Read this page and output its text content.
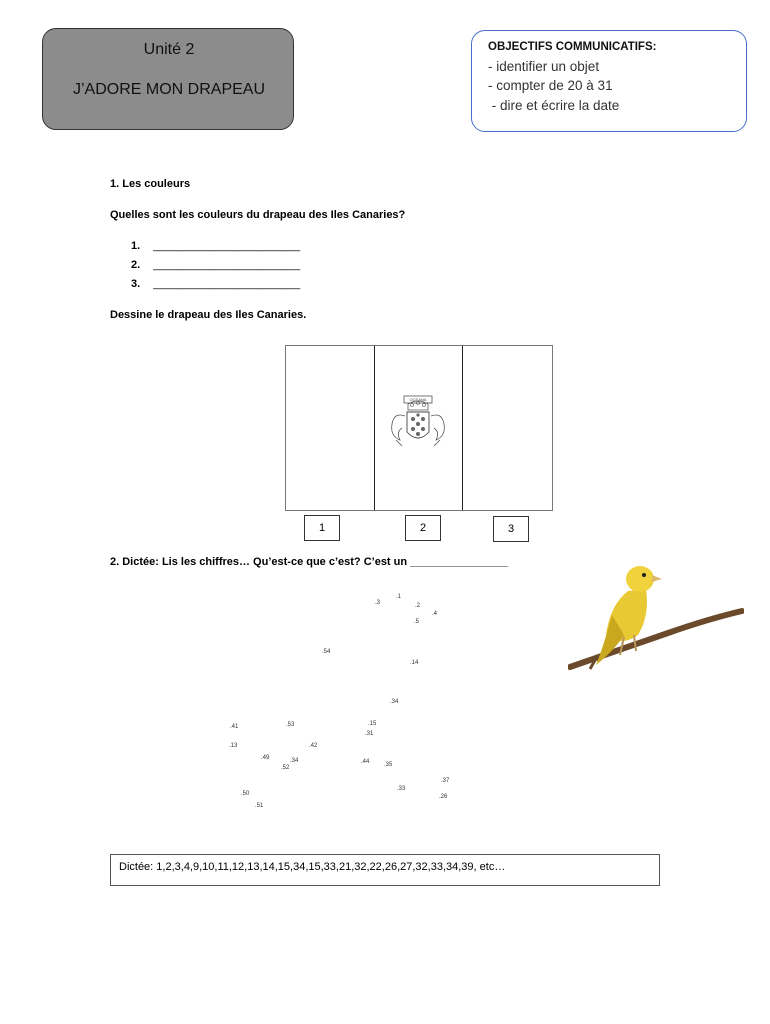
Unité 2
J’ADORE MON DRAPEAU
OBJECTIFS COMMUNICATIFS:
- identifier un objet
- compter de 20 à 31
- dire et écrire la date
1. Les couleurs
Quelles sont les couleurs du drapeau des Iles Canaries?
1. ________________________
2. ________________________
3. ________________________
Dessine le drapeau des Iles Canaries.
OCEANA
1	2	3
2. Dictée: Lis les chiffres… Qu’est-ce que c’est? C’est un ________________
.1
.2
.3
.4
.5
.54
.14
.34
.41	.53	.15
.31
.13	.42
.49	.34
.52
.44 .35
.50
.33
.37
.51
.26
Dictée: 1,2,3,4,9,10,11,12,13,14,15,34,15,33,21,32,22,26,27,32,33,34,39, etc…
